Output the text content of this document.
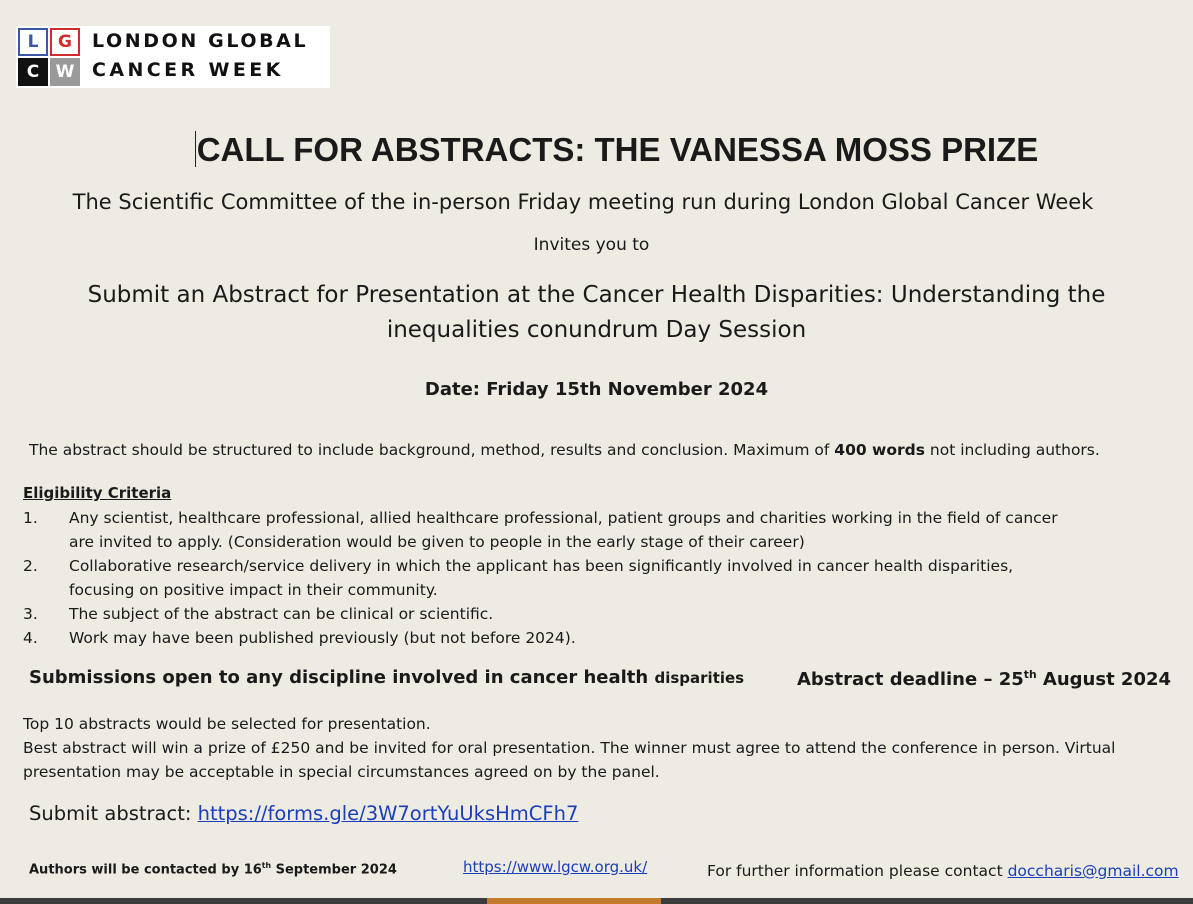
L	G
C W
LONDON GLOBAL
CANCER WEEK
CALL FOR ABSTRACTS: THE VANESSA MOSS PRIZE
The Scientific Committee of the in-person Friday meeting run during London Global Cancer Week
Invites you to
Submit an Abstract for Presentation at the Cancer Health Disparities: Understanding the
inequalities conundrum Day Session
Date: Friday 15th November 2024
The abstract should be structured to include background, method, results and conclusion. Maximum of 400 words not including authors.
Eligibility Criteria
1.	Any scientist, healthcare professional, allied healthcare professional, patient groups and charities working in the field of cancer
are invited to apply. (Consideration would be given to people in the early stage of their career)
2.	Collaborative research/service delivery in which the applicant has been significantly involved in cancer health disparities,
focusing on positive impact in their community.
3.	The subject of the abstract can be clinical or scientific.
4.	Work may have been published previously (but not before 2024).
Submissions open to any discipline involved in cancer health disparities	Abstract deadline – 25th August 2024
Top 10 abstracts would be selected for presentation.
Best abstract will win a prize of £250 and be invited for oral presentation. The winner must agree to attend the conference in person. Virtual presentation may be acceptable in special circumstances agreed on by the panel.
Submit abstract: https://forms.gle/3W7ortYuUksHmCFh7
Authors will be contacted by 16th September 2024	https://www.lgcw.org.uk/	For further information please contact doccharis@gmail.com
